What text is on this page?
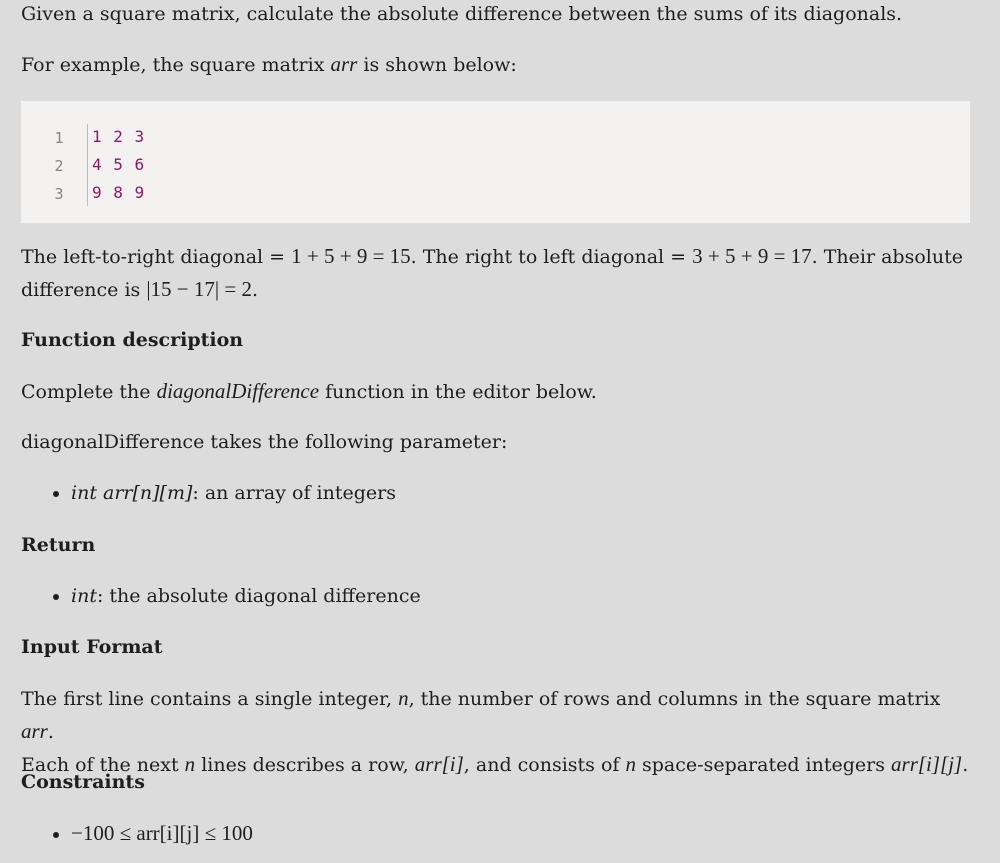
Given a square matrix, calculate the absolute difference between the sums of its diagonals.

For example, the square matrix arr is shown below:

1
2
3
1 2 3
4 5 6
9 8 9

The left-to-right diagonal = 1 + 5 + 9 = 15. The right to left diagonal = 3 + 5 + 9 = 17. Their absolute difference is |15 − 17| = 2.

Function description

Complete the diagonalDifference function in the editor below.

diagonalDifference takes the following parameter:

• int arr[n][m]: an array of integers

Return

• int: the absolute diagonal difference

Input Format

The first line contains a single integer, n, the number of rows and columns in the square matrix arr.
Each of the next n lines describes a row, arr[i], and consists of n space-separated integers arr[i][j].

Constraints

• −100 ≤ arr[i][j] ≤ 100
